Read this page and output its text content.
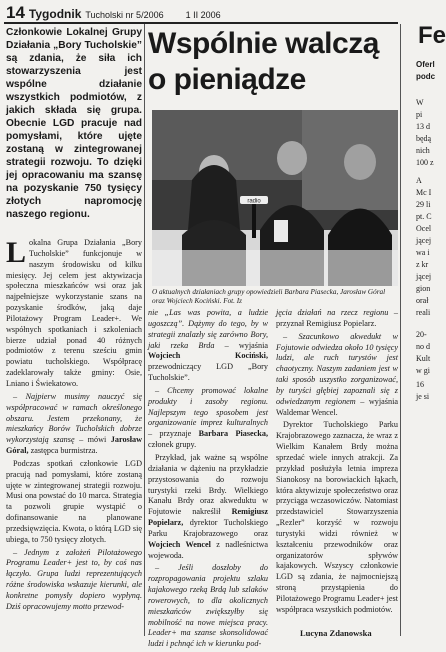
14 Tygodnik Tucholski nr 5/2006 1 II 2006
Członkowie Lokalnej Grupy Działania „Bory Tucholskie” są zdania, że siła ich stowarzyszenia jest wspólne działanie wszystkich podmiotów, z jakich składa się grupa. Obecnie LGD pracuje nad pomysłami, które ujęte zostaną w zintegrowanej strategii rozwoju. To dzięki jej opracowaniu ma szansę na pozyskanie 750 tysięcy złotych napromocję naszego regionu.
Wspólnie walczą o pieniądze
radio
O aktualnych działaniach grupy opowiedzieli Barbara Piasecka, Jarosław Góral oraz Wojciech Kociński. Fot. Iz

L okalna Grupa Działania „Bory Tucholskie” funkcjonuje w naszym środowisku od kilku miesięcy. Jej celem jest aktywizacja społeczna mieszkańców wsi oraz jak najpełniejsze wykorzystanie szans na pozyskanie środków, jaką daje Pilotażowy Program Leader+. We współnych spotkaniach i szkoleniach bierze udział ponad 40 różnych podmiotów z terenu sześciu gmin powiatu tucholskiego. Współpracę zadeklarowały także gminy: Osie, Lniano i Świekatowo.

– Najpierw musimy nauczyć się współpracować w ramach określonego obszaru. Jestem przekonany, że mieszkańcy Borów Tucholskich dobrze wykorzystają szansę – mówi Jarosław Góral, zastępca burmistrza.

Podczas spotkań członkowie LGD pracują nad pomysłami, które zostaną ujęte w zintegrowanej strategii rozwoju. Musi ona powstać do 10 marca. Strategia ta pozwoli grupie wystąpić o dofinansowanie na planowane przedsięwzięcia. Kwota, o którą LGD się ubiega, to 750 tysięcy złotych.

– Jednym z założeń Pilotażowego Programu Leader+ jest to, by coś nas łączyło. Grupa ludzi reprezentujących różne środowiska wskazuje kierunki, ale konkretne pomysły dopiero wypłyną. Dziś opracowujemy motto przewod-

nie „Las was powita, a ludzie ugoszczą”. Dążymy do tego, by w strategii znalazły się zarówno Bory, jaki rzeka Brda – wyjaśnia Wojciech Kociński, przewodniczący LGD „Bory Tucholskie”.

– Chcemy promować lokalne produkty i zasoby regionu. Najlepszym tego sposobem jest organizowanie imprez kulturalnych – przyznaje Barbara Piasecka, członek grupy.

Przykład, jak ważne są wspólne działania w dążeniu na przykładzie przystosowania do rozwoju turystyki rzeki Brdy. Wielkiego Kanału Brdy oraz akweduktu w Fojutowie nakreślił Remigiusz Popielarz, dyrektor Tucholskiego Parku Krajobrazowego oraz Wojciech Wencel z nadleśnictwa wojewoda.

– Jeśli doszłoby do rozpropagowania projektu szlaku kajakowego rzeką Brdą lub szlaków rowerowych, to dla okolicznych mieszkańców zwiększyłby się mobilność na nowe miejsca pracy. Leader+ ma szanse skonsolidować ludzi i pchnąć ich w kierunku pod-

jęcia działań na rzecz regionu – przyznał Remigiusz Popielarz.

– Szacunkowo akwedukt w Fojutowie odwiedza około 10 tysięcy ludzi, ale ruch turystów jest chaotyczny. Naszym zadaniem jest w taki sposób uszystko zorganizować, by turyści głębiej zapoznali się z odwiedzanym regionem – wyjaśnia Waldemar Wencel.

Dyrektor Tucholskiego Parku Krajobrazowego zaznacza, że wraz z Wielkim Kanałem Brdy można sprzedać wiele innych atrakcji. Za przykład posłużyła letnia impreza Sianokosy na borowiackich łąkach, która aktywizuje społeczeństwo oraz przyciąga wczasowiczów. Natomiast przedstawiciel Stowarzyszenia „Rezler” korzyść w rozwoju turystyki widzi również w kształceniu przewodników oraz organizatorów spływów kajakowych. Wszyscy członkowie LGD są zdania, że najmocniejszą stroną przystąpienia do Pilotażowego Programu Leader+ jest współpraca wszystkich podmiotów.

Lucyna Zdanowska
Fe
Oferl
podc
W
pi
13 d
będą
nich
100 z
A
Mc I
29 li
pt. C
Ocel
jącej
wa i
z kr
jącej
gion
orał
reali
20-
no d
Kult
w gi
16
je si
